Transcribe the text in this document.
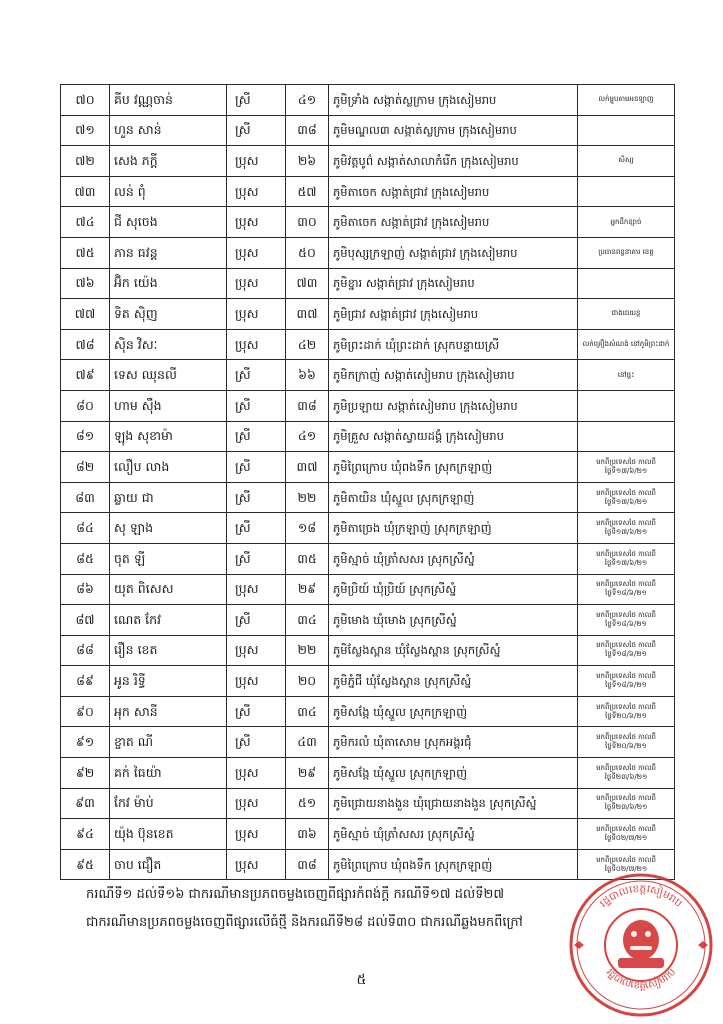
៧០	គីប វណ្ណចាន់	ស្រី	៤១	ភូមិទ្រាំង សង្កាត់ស្លក្រាម ក្រុងសៀមរាប	លក់ម្ហូបតាមអនឡាញ
៧១	ហួន សាន់	ស្រី	៣៨	ភូមិមណ្ឌល៣ សង្កាត់ស្លក្រាម ក្រុងសៀមរាប	
៧២	សេង ភក្តី	ប្រុស	២៦	ភូមិវត្តបូព៌ សង្កាត់សាលាកំរើក ក្រុងសៀមរាប	សិស្ស
៧៣	លន់ ពុំ	ប្រុស	៥៧	ភូមិតាចេក សង្កាត់ជ្រាវ ក្រុងសៀមរាប	
៧៤	ជី សុចេង	ប្រុស	៣០	ភូមិតាចេក សង្កាត់ជ្រាវ ក្រុងសៀមរាប	អ្នកដឹកខ្សាច់
៧៥	ភាន ធវន្ត	ប្រុស	៥០	ភូមិបុស្សក្រឡាញ់ សង្កាត់ជ្រាវ ក្រុងសៀមរាប	ប្រធានពន្ធនាគារ ខេត្ត
៧៦	អ៊ិក យ៉េង	ប្រុស	៧៣	ភូមិខ្នារ សង្កាត់ជ្រាវ ក្រុងសៀមរាប	
៧៧	ទិត សុិញ	ប្រុស	៣៧	ភូមិជ្រាវ សង្កាត់ជ្រាវ ក្រុងសៀមរាប	ជាងជេយន្ត
៧៨	ស៊ិន វិសៈ	ប្រុស	៤២	ភូមិព្រះដាក់ ឃុំព្រះដាក់ ស្រុកបន្ទាយស្រី	លក់គ្រឿងសំណង់ នៅភូមិព្រះដាក់
៧៩	ទេស ឈុនលី	ស្រី	៦៦	ភូមិកក្រាញ់ សង្កាត់សៀមរាប ក្រុងសៀមរាប	នៅផ្ទះ
៨០	ហាម សុឹង	ស្រី	៣៨	ភូមិប្រឡាយ សង្កាត់សៀមរាប ក្រុងសៀមរាប	
៨១	ឡុង សុខាម៉ា	ស្រី	៤១	ភូមិគ្រួស សង្កាត់ស្វាយដង្គំ ក្រុងសៀមរាប	
៨២	លឿប លាង	ស្រី	៣៧	ភូមិព្រៃក្រោប ឃុំពងទឹក ស្រុកក្រឡាញ់	មកពីប្រទេសថៃ កាលពីថ្ងៃទី១៧/៦/២១
៨៣	ឆ្លាយ ជា	ស្រី	២២	ភូមិតាយិន ឃុំស្នួល ស្រុកក្រឡាញ់	មកពីប្រទេសថៃ កាលពីថ្ងៃទី១៧/៦/២១
៨៤	សុ ឡាង	ស្រី	១៨	ភូមិតាច្រេង ឃុំក្រឡាញ់ ស្រុកក្រឡាញ់	មកពីប្រទេសថៃ កាលពីថ្ងៃទី១៧/៦/២១
៨៥	ចុត ឡី	ស្រី	៣៥	ភូមិស្មាច់ ឃុំត្រាំសសរ ស្រុកស្រីស្នំ	មកពីប្រទេសថៃ កាលពីថ្ងៃទី១៧/៦/២១
៨៦	យុត ពិសេស	ប្រុស	២៩	ភូមិប្រិយ៍ ឃុំប្រិយ៍ ស្រុកស្រីស្នំ	មកពីប្រទេសថៃ កាលពីថ្ងៃទី១៨/៦/២១
៨៧	ណេត កែវ	ស្រី	៣៤	ភូមិមោង ឃុំមោង ស្រុកស្រីស្នំ	មកពីប្រទេសថៃ កាលពីថ្ងៃទី១៨/៦/២១
៨៨	រឿន ខេត	ប្រុស	២២	ភូមិស្លែងស្ពាន ឃុំស្លែងស្ពាន ស្រុកស្រីស្នំ	មកពីប្រទេសថៃ កាលពីថ្ងៃទី១៨/៦/២១
៨៩	អូន រិទ្ធី	ប្រុស	២០	ភូមិភ្នំជី ឃុំស្លែងស្ពាន ស្រុកស្រីស្នំ	មកពីប្រទេសថៃ កាលពីថ្ងៃទី១៨/៦/២១
៩០	អុក សានី	ស្រី	៣៤	ភូមិសង្កែ ឃុំស្នួល ស្រុកក្រឡាញ់	មកពីប្រទេសថៃ កាលពីថ្ងៃទី២០/៦/២១
៩១	ខ្ចាត ណី	ស្រី	៤៣	ភូមិករលំ ឃុំតាសោម ស្រុកអង្គរជុំ	មកពីប្រទេសថៃ កាលពីថ្ងៃទី២០/៦/២១
៩២	គក់ ធៃយ៉ា	ប្រុស	២៩	ភូមិសង្កែ ឃុំស្នួល ស្រុកក្រឡាញ់	មកពីប្រទេសថៃ កាលពីថ្ងៃទី២៣/៦/២១
៩៣	កែវ ម៉ាប់	ប្រុស	៥១	ភូមិជ្រោយនាងងួន ឃុំជ្រោយនាងងួន ស្រុកស្រីស្នំ	មកពីប្រទេសថៃ កាលពីថ្ងៃទី២៣/៦/២១
៩៤	យ៉ុង ប៊ុនខេត	ប្រុស	៣៦	ភូមិស្មាច់ ឃុំត្រាំសសរ ស្រុកស្រីស្នំ	មកពីប្រទេសថៃ កាលពីថ្ងៃទី០២/៧/២១
៩៥	ចាប ជឿត	ប្រុស	៣៨	ភូមិព្រៃក្រោប ឃុំពងទឹក ស្រុកក្រឡាញ់	មកពីប្រទេសថៃ កាលពីថ្ងៃទី០២/៧/២១
ករណីទី១ ដល់ទី១៦ ជាករណីមានប្រភពចម្លងចេញពីផ្សារកំពង់ក្តី ករណីទី១៧ ដល់ទី២៧
ជាករណីមានប្រភពចម្លងចេញពីផ្សារលើធំថ្មី និងករណីទី២៨ ដល់ទី៣០ ជាករណីឆ្លងមកពីក្រៅ
៥
រដ្ឋបាលខេត្តសៀមរាប
រដ្ឋបាលខេត្តសៀមរាប
